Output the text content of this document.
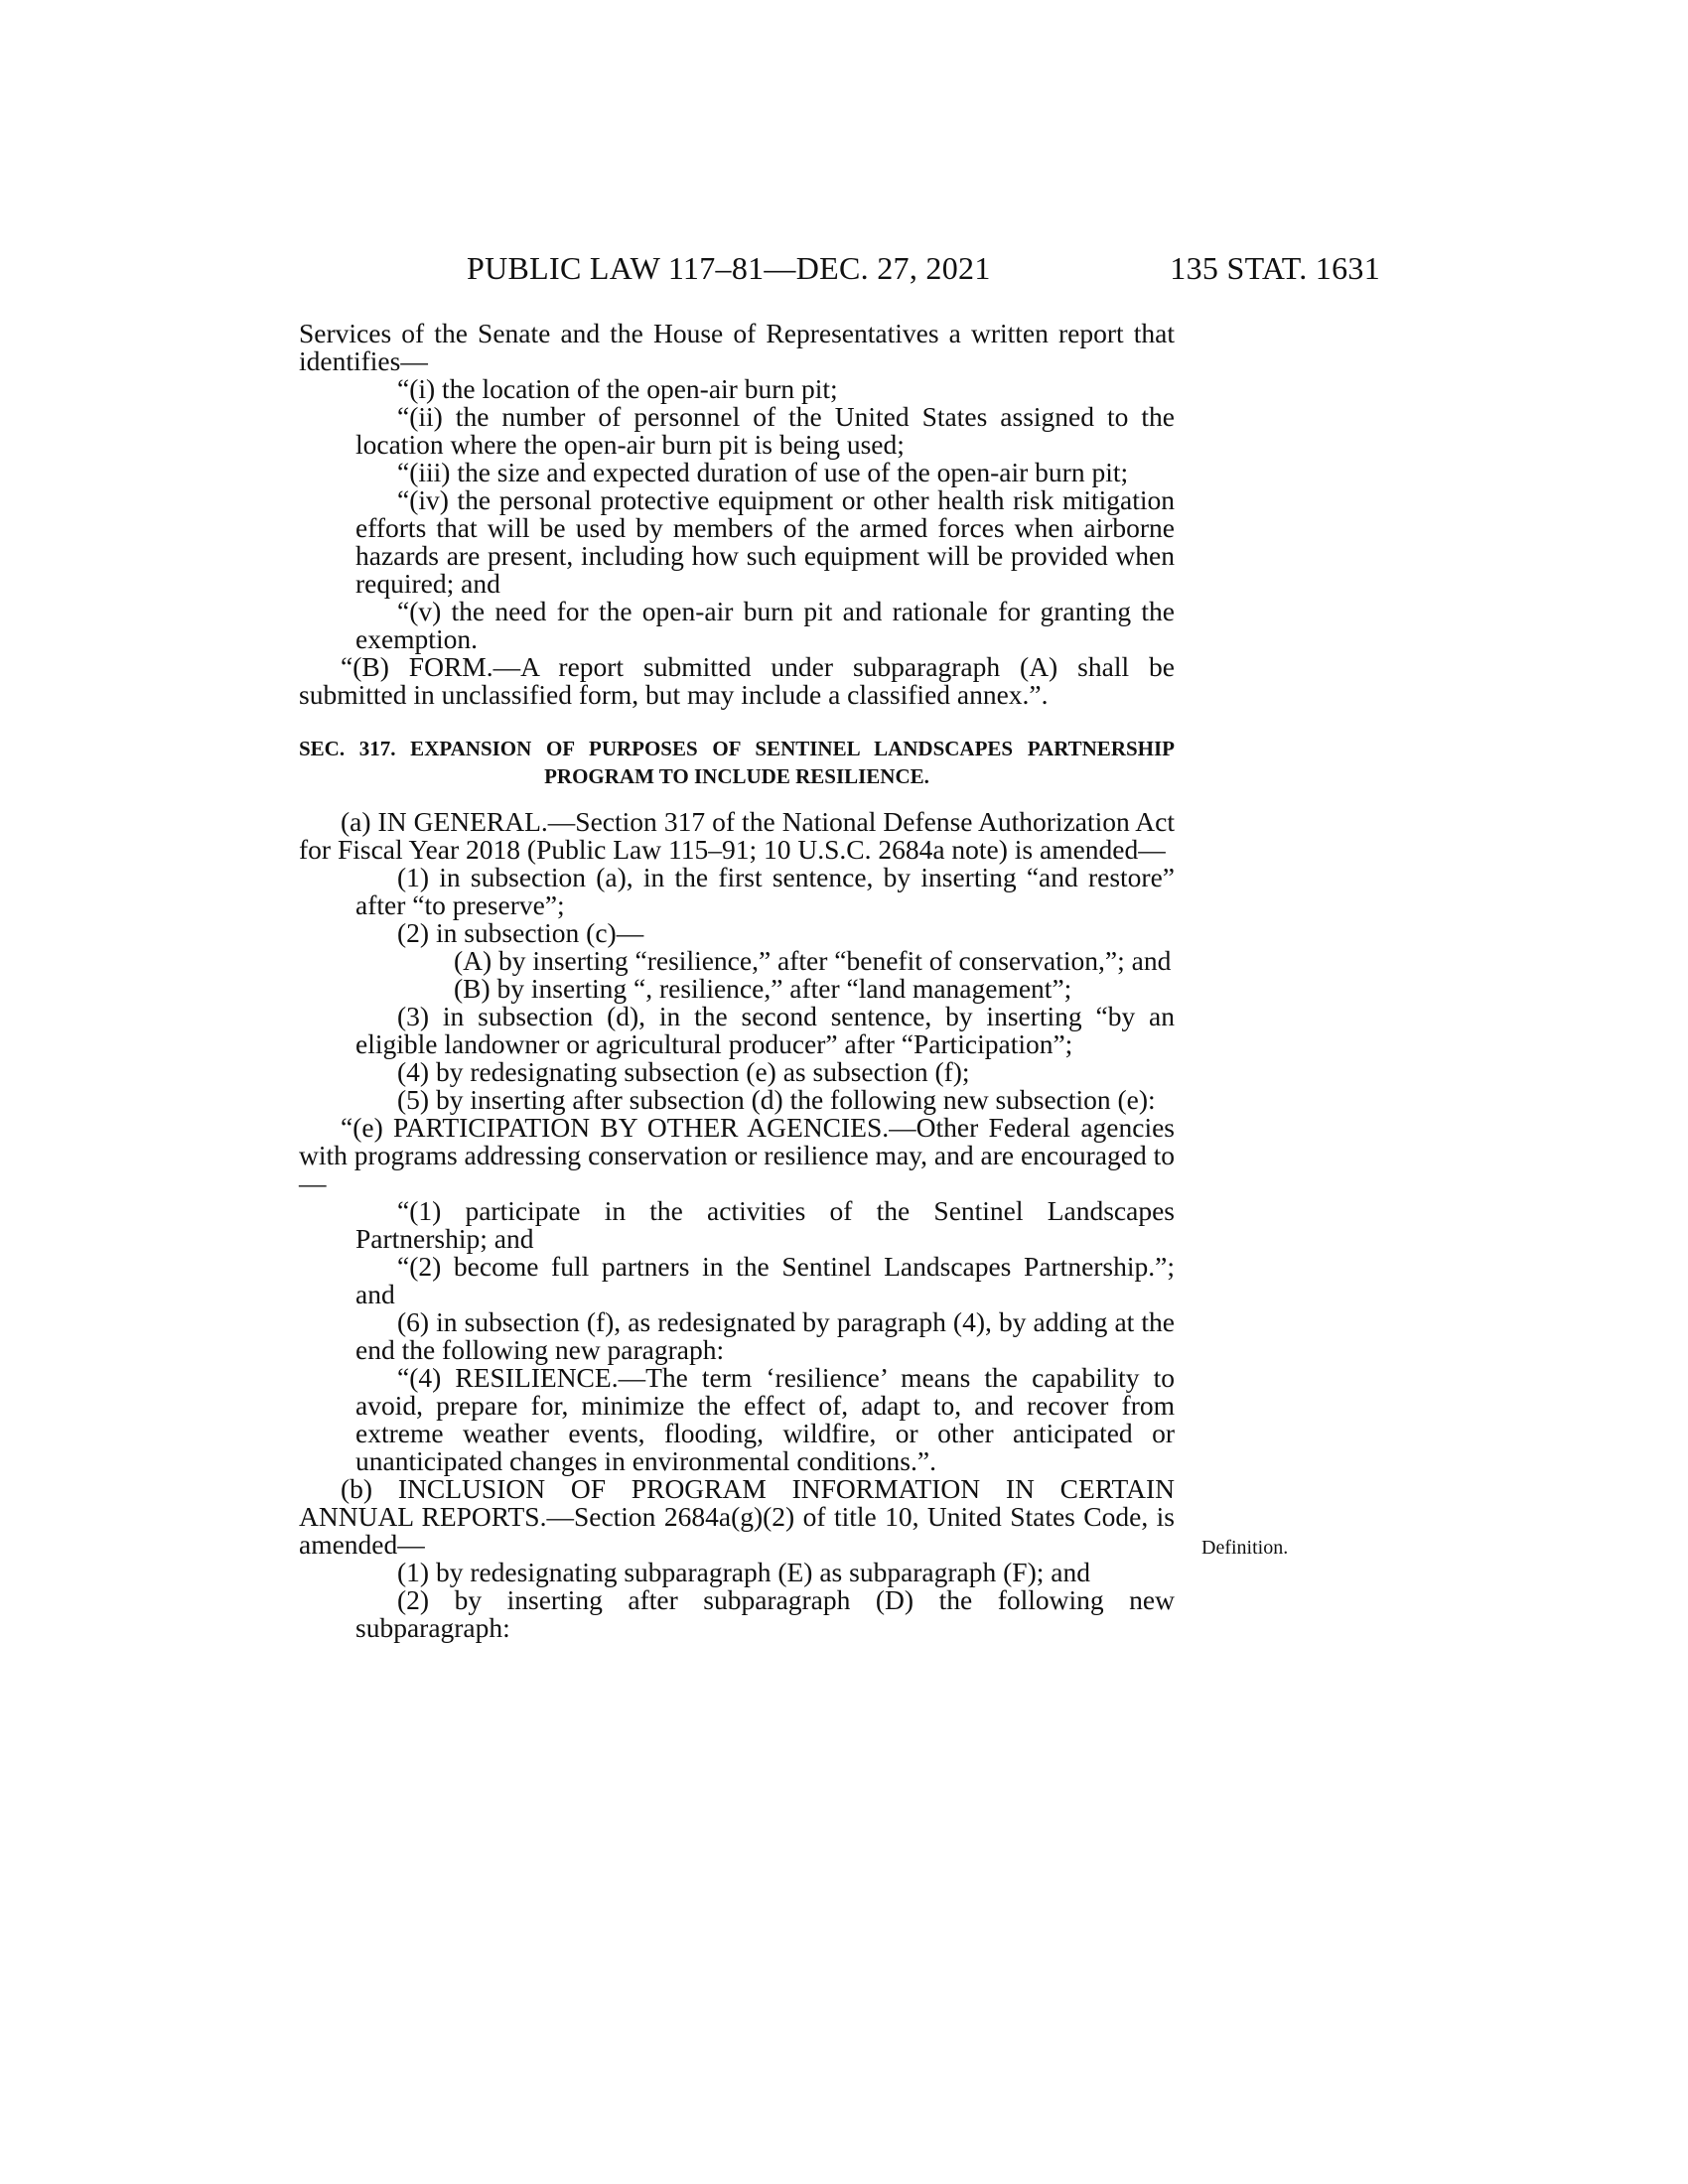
PUBLIC LAW 117–81—DEC. 27, 2021	135 STAT. 1631

Services of the Senate and the House of Representatives a written report that identifies—

“(i) the location of the open-air burn pit;

“(ii) the number of personnel of the United States assigned to the location where the open-air burn pit is being used;

“(iii) the size and expected duration of use of the open-air burn pit;

“(iv) the personal protective equipment or other health risk mitigation efforts that will be used by members of the armed forces when airborne hazards are present, including how such equipment will be provided when required; and

“(v) the need for the open-air burn pit and rationale for granting the exemption.

“(B) FORM.—A report submitted under subparagraph (A) shall be submitted in unclassified form, but may include a classified annex.”.

SEC. 317. EXPANSION OF PURPOSES OF SENTINEL LANDSCAPES PARTNERSHIP PROGRAM TO INCLUDE RESILIENCE.

(a) IN GENERAL.—Section 317 of the National Defense Authorization Act for Fiscal Year 2018 (Public Law 115–91; 10 U.S.C. 2684a note) is amended—

(1) in subsection (a), in the first sentence, by inserting “and restore” after “to preserve”;

(2) in subsection (c)—

(A) by inserting “resilience,” after “benefit of conservation,”; and

(B) by inserting “, resilience,” after “land management”;

(3) in subsection (d), in the second sentence, by inserting “by an eligible landowner or agricultural producer” after “Participation”;

(4) by redesignating subsection (e) as subsection (f);

(5) by inserting after subsection (d) the following new subsection (e):

“(e) PARTICIPATION BY OTHER AGENCIES.—Other Federal agencies with programs addressing conservation or resilience may, and are encouraged to—

“(1) participate in the activities of the Sentinel Landscapes Partnership; and

“(2) become full partners in the Sentinel Landscapes Partnership.”; and

(6) in subsection (f), as redesignated by paragraph (4), by adding at the end the following new paragraph:

“(4) RESILIENCE.—The term ‘resilience’ means the capability to avoid, prepare for, minimize the effect of, adapt to, and recover from extreme weather events, flooding, wildfire, or other anticipated or unanticipated changes in environmental conditions.”.

(b) INCLUSION OF PROGRAM INFORMATION IN CERTAIN ANNUAL REPORTS.—Section 2684a(g)(2) of title 10, United States Code, is amended—

(1) by redesignating subparagraph (E) as subparagraph (F); and

(2) by inserting after subparagraph (D) the following new subparagraph:

Definition.
